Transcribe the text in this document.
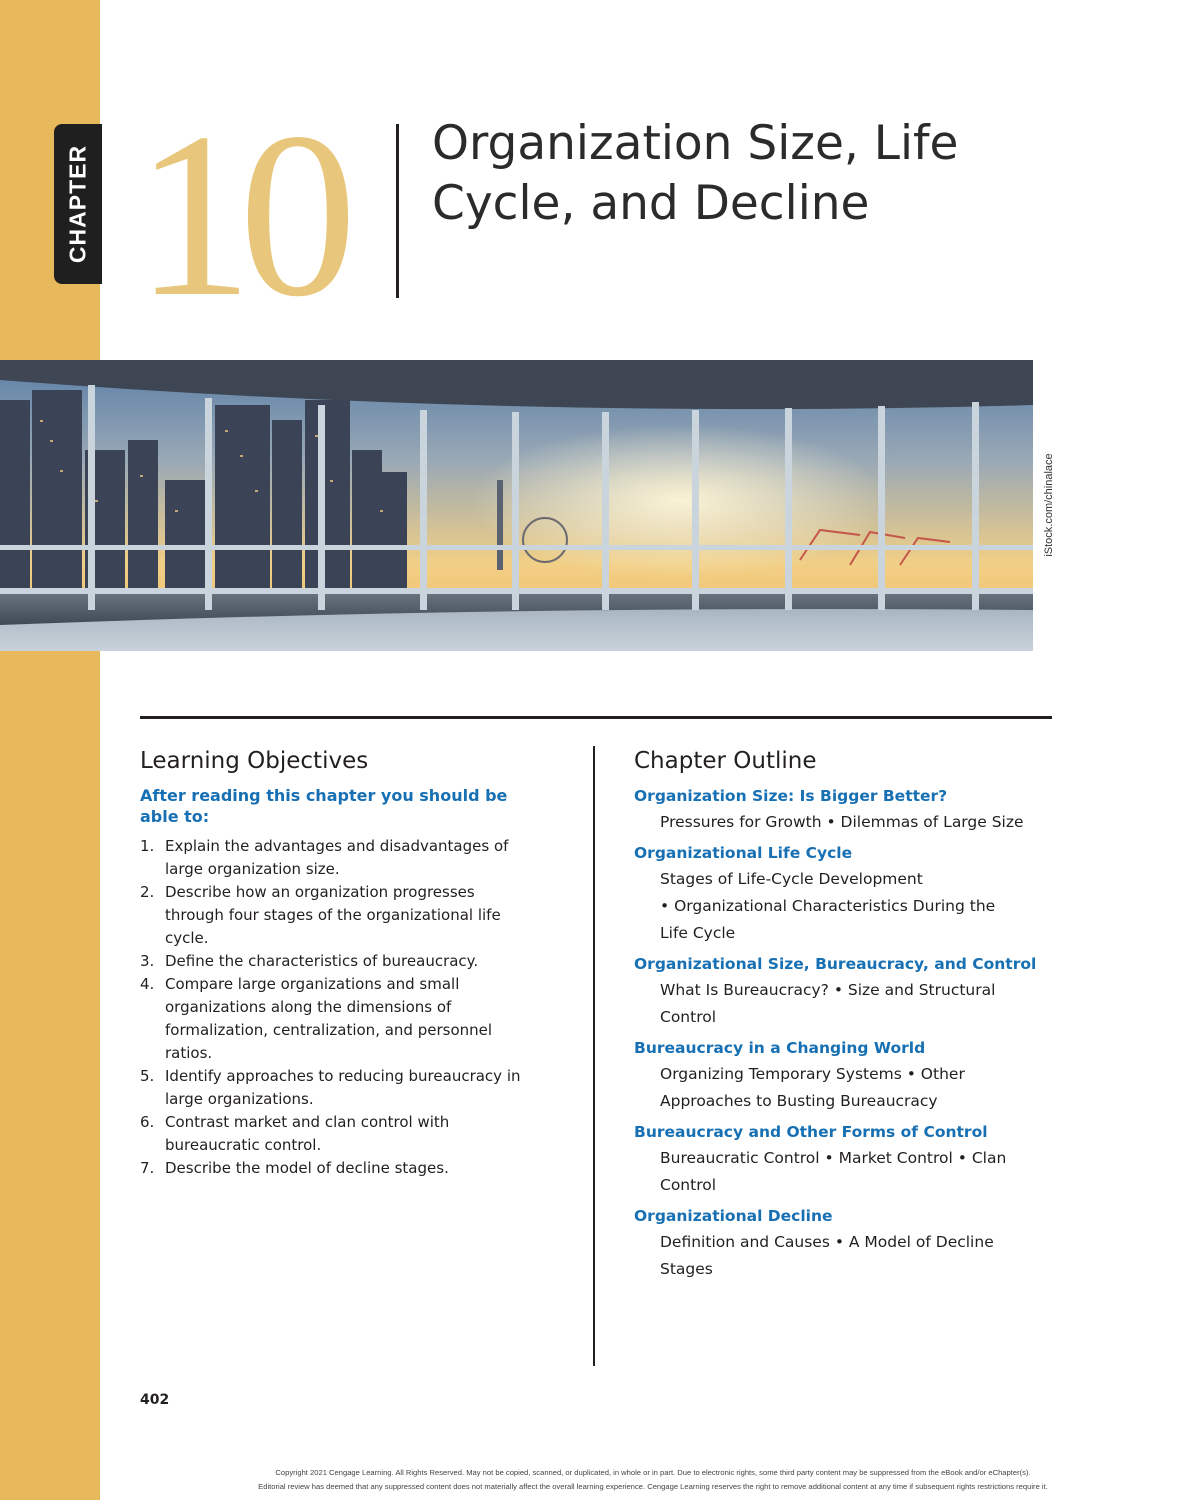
CHAPTER 10 Organization Size, Life
Cycle, and Decline
iStock.com/chinalace
Learning Objectives
After reading this chapter you should be
able to:
1. Explain the advantages and disadvantages of
large organization size.
2. Describe how an organization progresses
through four stages of the organizational life
cycle.
3. Define the characteristics of bureaucracy.
4. Compare large organizations and small
organizations along the dimensions of
formalization, centralization, and personnel
ratios.
5. Identify approaches to reducing bureaucracy in
large organizations.
6. Contrast market and clan control with
bureaucratic control.
7. Describe the model of decline stages.
Chapter Outline
Organization Size: Is Bigger Better?
Pressures for Growth • Dilemmas of Large Size
Organizational Life Cycle
Stages of Life-Cycle Development
• Organizational Characteristics During the
Life Cycle
Organizational Size, Bureaucracy, and Control
What Is Bureaucracy? • Size and Structural
Control
Bureaucracy in a Changing World
Organizing Temporary Systems • Other
Approaches to Busting Bureaucracy
Bureaucracy and Other Forms of Control
Bureaucratic Control • Market Control • Clan
Control
Organizational Decline
Definition and Causes • A Model of Decline
Stages
402
Copyright 2021 Cengage Learning. All Rights Reserved. May not be copied, scanned, or duplicated, in whole or in part. Due to electronic rights, some third party content may be suppressed from the eBook and/or eChapter(s).
Editorial review has deemed that any suppressed content does not materially affect the overall learning experience. Cengage Learning reserves the right to remove additional content at any time if subsequent rights restrictions require it.
